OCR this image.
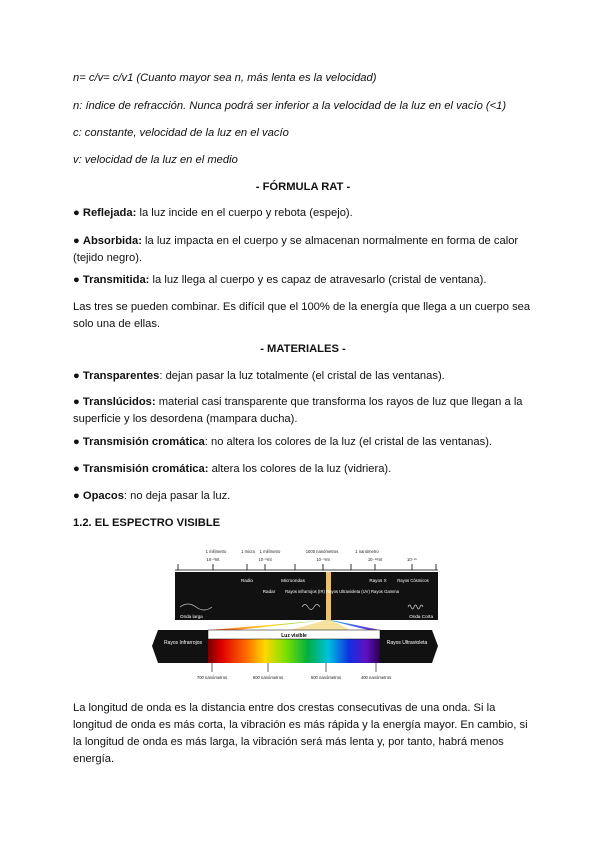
n= c/v= c/v1 (Cuanto mayor sea n, más lenta es la velocidad)
n: índice de refracción. Nunca podrá ser inferior a la velocidad de la luz en el vacío (<1)
c: constante, velocidad de la luz en el vacío
v: velocidad de la luz en el medio
- FÓRMULA RAT -
● Reflejada: la luz incide en el cuerpo y rebota (espejo).
● Absorbida: la luz impacta en el cuerpo y se almacenan normalmente en forma de calor (tejido negro).
● Transmitida: la luz llega al cuerpo y es capaz de atravesarlo (cristal de ventana).
Las tres se pueden combinar. Es difícil que el 100% de la energía que llega a un cuerpo sea solo una de ellas.
- MATERIALES -
● Transparentes: dejan pasar la luz totalmente (el cristal de las ventanas).
● Translúcidos: material casi transparente que transforma los rayos de luz que llegan a la superficie y los desordena (mampara ducha).
● Transmisión cromática: no altera los colores de la luz (el cristal de las ventanas).
● Transmisión cromática: altera los colores de la luz (vidriera).
● Opacos: no deja pasar la luz.
1.2. EL ESPECTRO VISIBLE
1 milímetro	1 micra 1 milímetro	1000 nanómetros	1 nanómetro
10⁻³mt	10⁻⁶mt	10⁻⁹mt	10⁻¹²mt	10⁻¹⁵
Radio	Microondas
Radar Rayos infrarrojos (IR) Rayos Ultravioleta (UV)
Rayos X
Rayos Gamma
Rayos Cósmicos
Onda larga	Onda Corta
Rayos Infrarrojos	Rayos Ultravioleta
Luz visible
700 nanómetros	600 nanómetros	500 nanómetros	400 nanómetros
La longitud de onda es la distancia entre dos crestas consecutivas de una onda. Si la longitud de onda es más corta, la vibración es más rápida y la energía mayor. En cambio, si la longitud de onda es más larga, la vibración será más lenta y, por tanto, habrá menos energía.
